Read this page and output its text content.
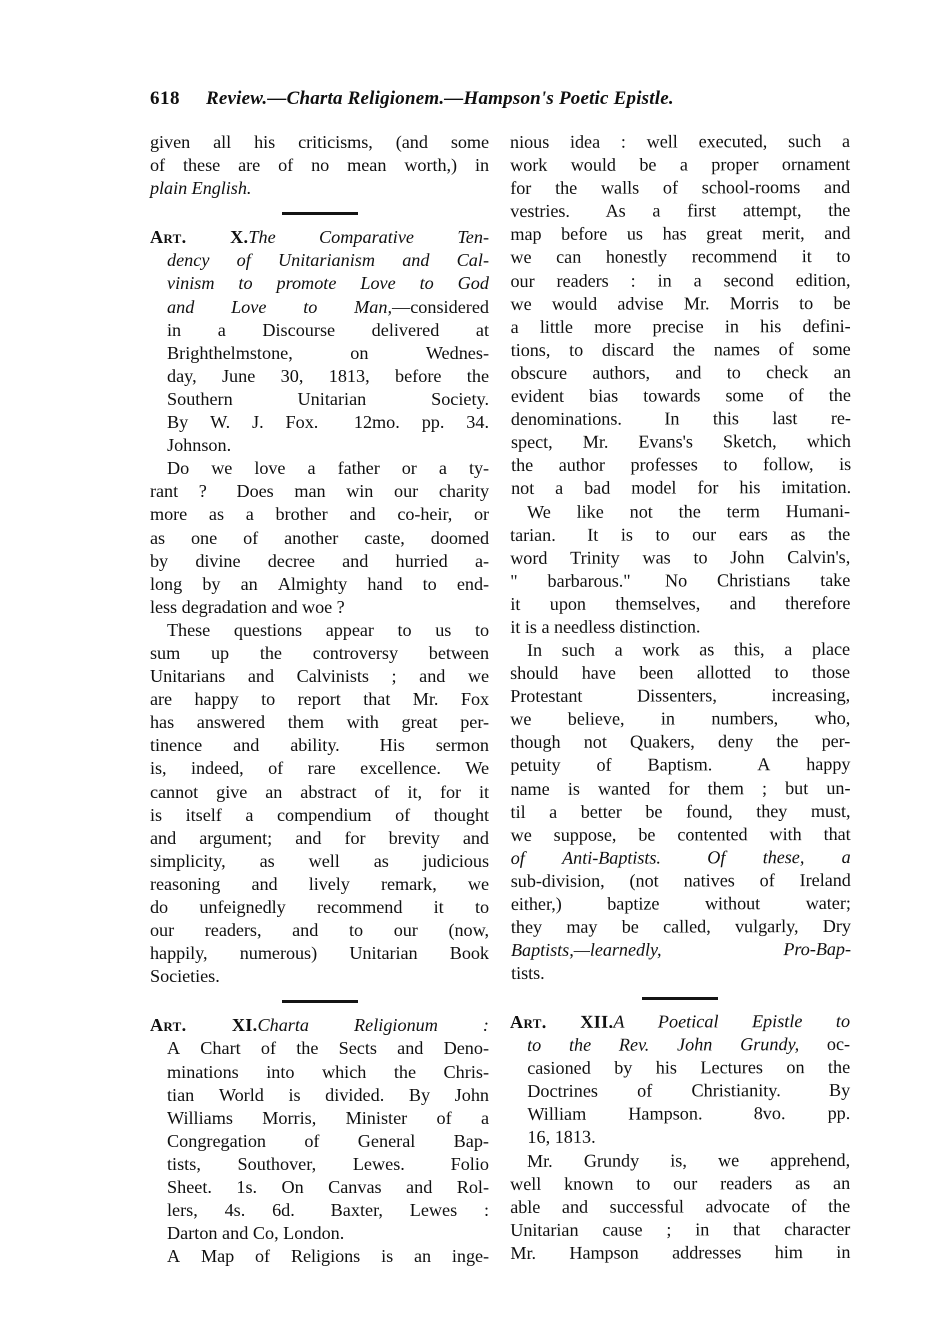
618 Review.—Charta Religionem.—Hampson's Poetic Epistle.

given
all
his
criticisms,
(and
some
of
these
are
of
no
mean
worth,)
in
plain English.

Art.
X. The
Comparative
Ten-
dency
of
Unitarianism
and
Cal-
vinism
to
promote
Love
to
God
and
Love
to
Man, —considered
in
a
Discourse
delivered
at
Brighthelmstone,
	on
	Wednes-
day,
June
30,
1813,
before
the
Southern
	Unitarian
	Society.
By
W.
J.
Fox.
12mo.
pp.
34.
Johnson.

Do
we
love
a
father
or
a
ty-
rant
?
Does
man
win
our
charity
more
as
a
brother
and
co-heir,
or
as
one
of
another
caste,
doomed
by
divine
decree
and
hurried
a-
long
by
an
Almighty
hand
to
end-
less degradation and woe ?

These
questions
appear
to
us
to
sum
up
the
controversy
between
Unitarians
and
Calvinists
;
and
we
are
happy
to
report
that
Mr.
Fox
has
answered
them
with
great
per-
tinence
and
ability.
His
sermon
is,
indeed,
of
rare
excellence.
We
cannot
give
an
abstract
of
it,
for
it
is
itself
a
compendium
of
thought
and
argument;
and
for
brevity
and
simplicity,
as
well
as
judicious
reasoning
and
lively
remark,
we
do
unfeignedly
recommend
it
to
our
readers,
and
to
our
(now,
happily,
numerous)
Unitarian
Book
Societies.

Art.
XI. Charta
Religionum
:
A
Chart
of
the
Sects
and
Deno-
minations
into
which
the
Chris-
tian
World
is
divided.
By
John
Williams
Morris,
Minister
of
a
Congregation
of
General
Bap-
tists,
Southover,
Lewes.
	Folio
Sheet.
1s.
On
Canvas
and
Rol-
lers,
4s.
6d.
Baxter,
Lewes
:
Darton and Co, London.

A
Map
of
Religions
is
an
inge-

nious
idea
:
well
executed,
such
a
work
would
be
a
proper
ornament
for
the
walls
of
school-rooms
and
vestries.
As
a
first
attempt,
the
map
before
us
has
great
merit,
and
we
can
honestly
recommend
it
to
our
readers
:
in
a
second
edition,
we
would
advise
Mr.
Morris
to
be
a
little
more
precise
in
his
defini-
tions,
to
discard
the
names
of
some
obscure
authors,
and
to
check
an
evident
bias
towards
some
of
the
denominations.
In
this
last
re-
spect,
Mr.
Evans's
Sketch,
which
the
author
professes
to
follow,
is
not
a
bad
model
for
his
imitation.

We
like
not
the
term
Humani-
tarian.
It
is
to
our
ears
as
the
word
Trinity
was
to
John
Calvin's,
"
barbarous."
No
Christians
take
it
upon
themselves,
and
therefore
it is a needless distinction.

In
such
a
work
as
this,
a
place
should
have
been
allotted
to
those
Protestant
	Dissenters,
	increasing,
we
believe,
in
numbers,
who,
though
not
Quakers,
deny
the
per-
petuity
of
Baptism.
A
happy
name
is
wanted
for
them
;
but
un-
til
a
better
be
found,
they
must,
we
suppose,
be
contented
with
that
of
Anti-Baptists.
	Of
these,
a
sub-division,
(not
natives
of
Ireland
either,)
baptize
without
water;
they
may
be
called,
vulgarly,
Dry
Baptists,—learnedly,
	Pro-Bap-
tists.

Art.
XII. A
Poetical
Epistle
to
to
the
Rev.
John
Grundy,
oc-
casioned
by
his
Lectures
on
the
Doctrines
of
Christianity.
	By
William
Hampson.
	8vo.
pp.
16, 1813.

Mr.
Grundy
is,
we
apprehend,
well
known
to
our
readers
as
an
able
and
successful
advocate
of
the
Unitarian
cause
;
in
that
character
Mr.
Hampson
addresses
him
in
